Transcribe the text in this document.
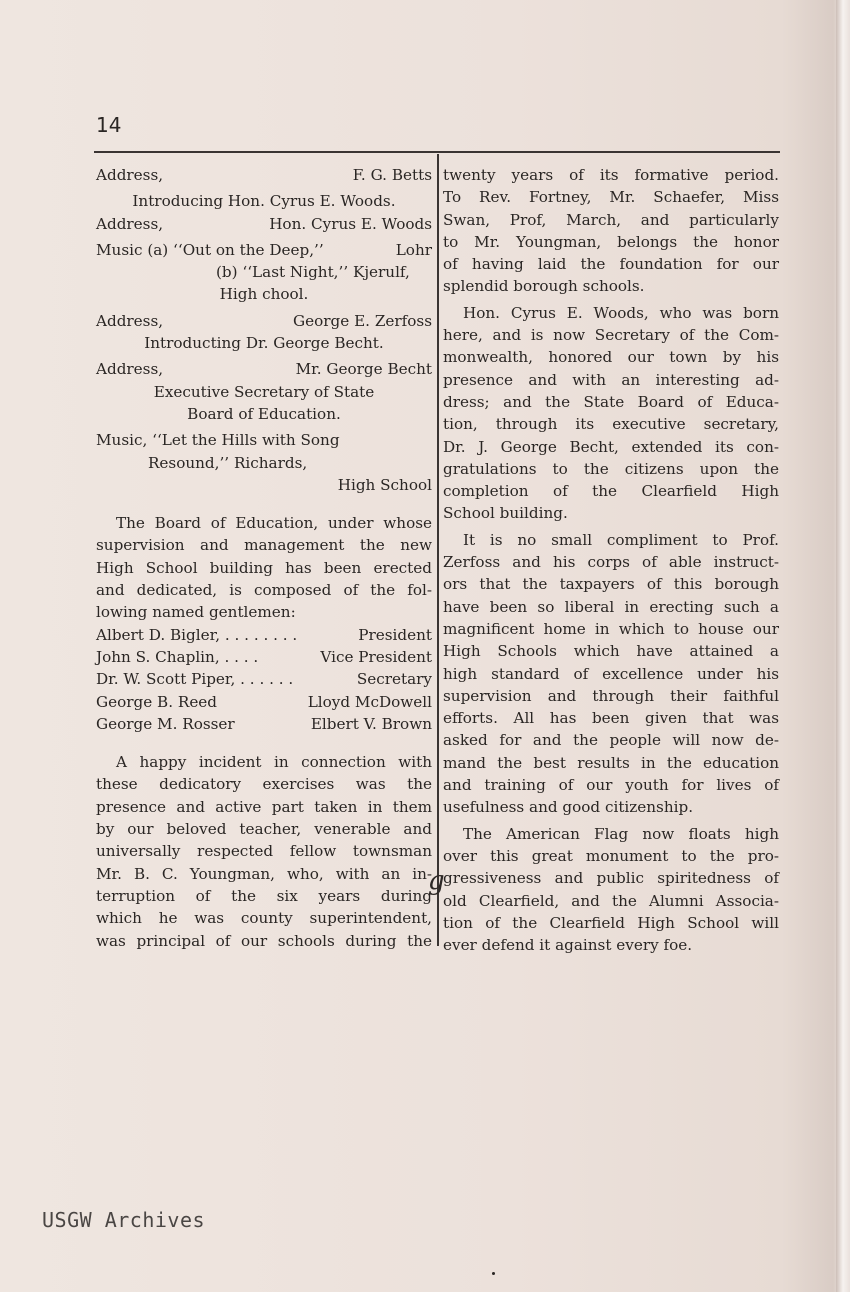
14
Address,	F. G. Betts
Introducing Hon. Cyrus E. Woods.
Address,	Hon. Cyrus E. Woods
Music (a) ‘‘Out on the Deep,’’	Lohr
(b) ‘‘Last Night,’’ Kjerulf,
High chool.
Address,	George E. Zerfoss
Introducting Dr. George Becht.
Address,	Mr. George Becht
Executive Secretary of State
Board of Education.
Music, ‘‘Let the Hills with Song
Resound,’’ Richards,
High School
The Board of Education, under whose
supervision and management the new
High School building has been erected
and dedicated, is composed of the fol-
lowing named gentlemen:
Albert D. Bigler, . . . . . . . .	President
John S. Chaplin, . . . .	Vice President
Dr. W. Scott Piper, . . . . . .	Secretary
George B. Reed	Lloyd McDowell
George M. Rosser	Elbert V. Brown
A happy incident in connection with
these dedicatory exercises was the
presence and active part taken in them
by our beloved teacher, venerable and
universally respected fellow townsman
Mr. B. C. Youngman, who, with an in-
terruption of the six years during
which he was county superintendent,
was principal of our schools during the
twenty years of its formative period.
To Rev. Fortney, Mr. Schaefer, Miss
Swan, Prof, March, and particularly
to Mr. Youngman, belongs the honor
of having laid the foundation for our
splendid borough schools.
Hon. Cyrus E. Woods, who was born
here, and is now Secretary of the Com-
monwealth, honored our town by his
presence and with an interesting ad-
dress; and the State Board of Educa-
tion, through its executive secretary,
Dr. J. George Becht, extended its con-
gratulations to the citizens upon the
completion of the Clearfield High
School building.
It is no small compliment to Prof.
Zerfoss and his corps of able instruct-
ors that the taxpayers of this borough
have been so liberal in erecting such a
magnificent home in which to house our
High Schools which have attained a
high standard of excellence under his
supervision and through their faithful
efforts. All has been given that was
asked for and the people will now de-
mand the best results in the education
and training of our youth for lives of
usefulness and good citizenship.
The American Flag now floats high
over this great monument to the pro-
gressiveness and public spiritedness of
old Clearfield, and the Alumni Associa-
tion of the Clearfield High School will
ever defend it against every foe.
g
USGW Archives
